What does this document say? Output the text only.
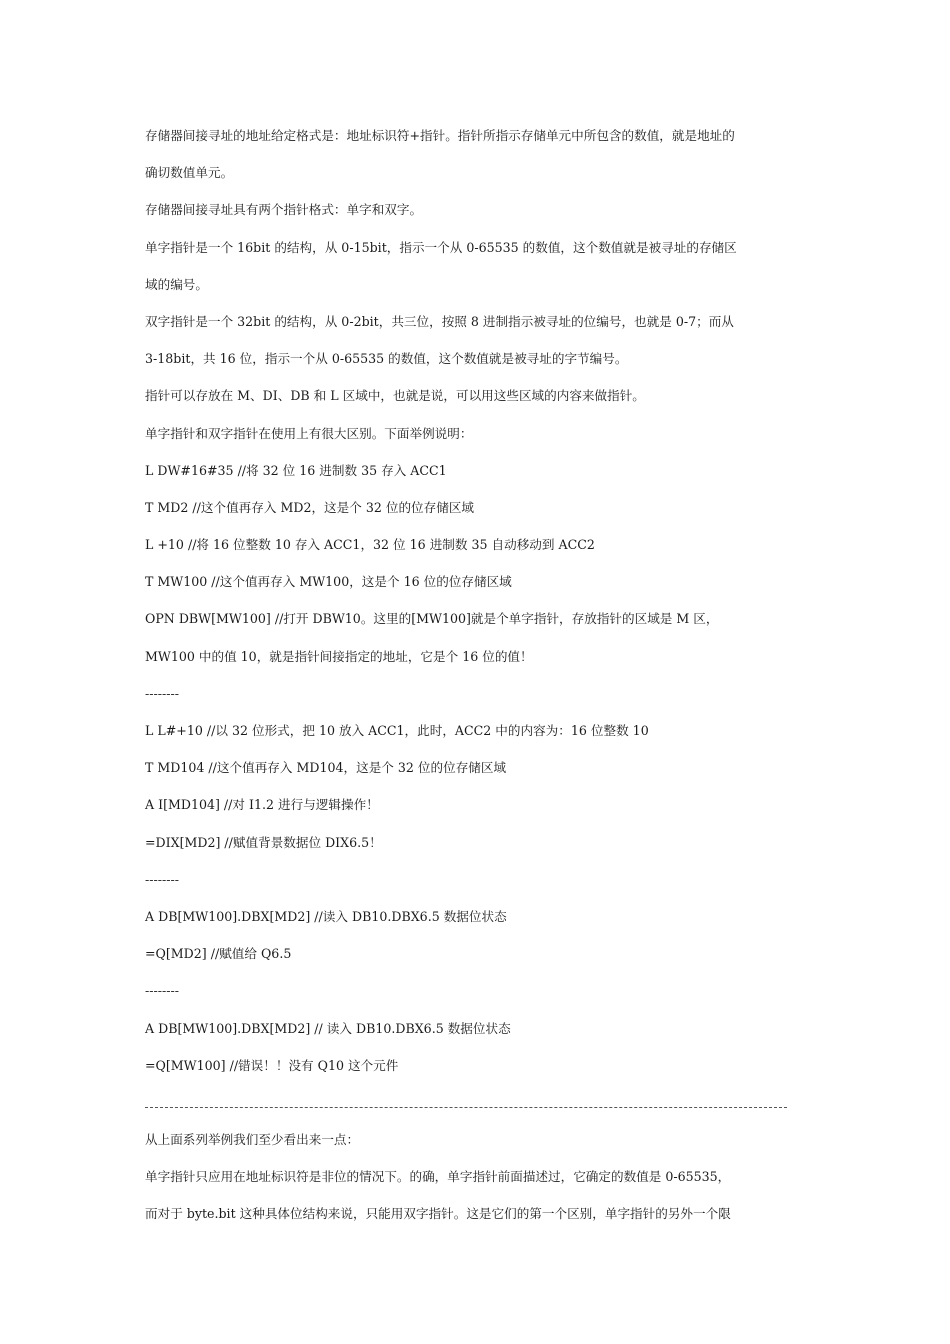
存储器间接寻址的地址给定格式是：地址标识符+指针。指针所指示存储单元中所包含的数值，就是地址的
确切数值单元。
存储器间接寻址具有两个指针格式：单字和双字。
单字指针是一个 16bit 的结构，从 0-15bit，指示一个从 0-65535 的数值，这个数值就是被寻址的存储区
域的编号。
双字指针是一个 32bit 的结构，从 0-2bit，共三位，按照 8 进制指示被寻址的位编号，也就是 0-7；而从
3-18bit，共 16 位，指示一个从 0-65535 的数值，这个数值就是被寻址的字节编号。
指针可以存放在 M、DI、DB 和 L 区域中，也就是说，可以用这些区域的内容来做指针。
单字指针和双字指针在使用上有很大区别。下面举例说明：
L DW#16#35 //将 32 位 16 进制数 35 存入 ACC1
T MD2 //这个值再存入 MD2，这是个 32 位的位存储区域
L +10 //将 16 位整数 10 存入 ACC1，32 位 16 进制数 35 自动移动到 ACC2
T MW100 //这个值再存入 MW100，这是个 16 位的位存储区域
OPN DBW[MW100] //打开 DBW10。这里的[MW100]就是个单字指针，存放指针的区域是 M 区，
MW100 中的值 10，就是指针间接指定的地址，它是个 16 位的值！
--------
L L#+10 //以 32 位形式，把 10 放入 ACC1，此时，ACC2 中的内容为：16 位整数 10
T MD104 //这个值再存入 MD104，这是个 32 位的位存储区域
A I[MD104] //对 I1.2 进行与逻辑操作！
=DIX[MD2] //赋值背景数据位 DIX6.5！
--------
A DB[MW100].DBX[MD2] //读入 DB10.DBX6.5 数据位状态
=Q[MD2] //赋值给 Q6.5
--------
A DB[MW100].DBX[MD2] // 读入 DB10.DBX6.5 数据位状态
=Q[MW100] //错误！！没有 Q10 这个元件
从上面系列举例我们至少看出来一点：
单字指针只应用在地址标识符是非位的情况下。的确，单字指针前面描述过，它确定的数值是 0-65535，
而对于 byte.bit 这种具体位结构来说，只能用双字指针。这是它们的第一个区别，单字指针的另外一个限
